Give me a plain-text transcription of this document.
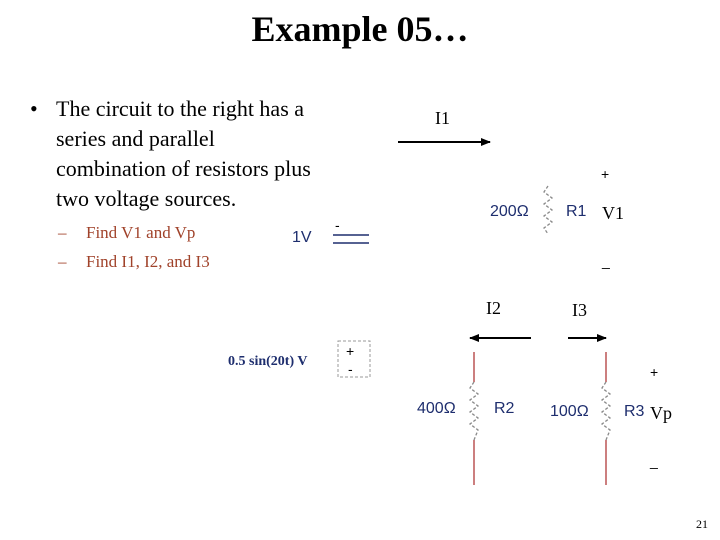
Example 05…
• The circuit to the right has a series and parallel combination of resistors plus two voltage sources.
– Find V1 and Vp
– Find I1, I2, and I3
I1
200Ω R1
+
V1
_
1V
-
I2	I3
0.5 sin(20t) V
+
-
400Ω R2 100Ω R3
+
Vp
_
21
